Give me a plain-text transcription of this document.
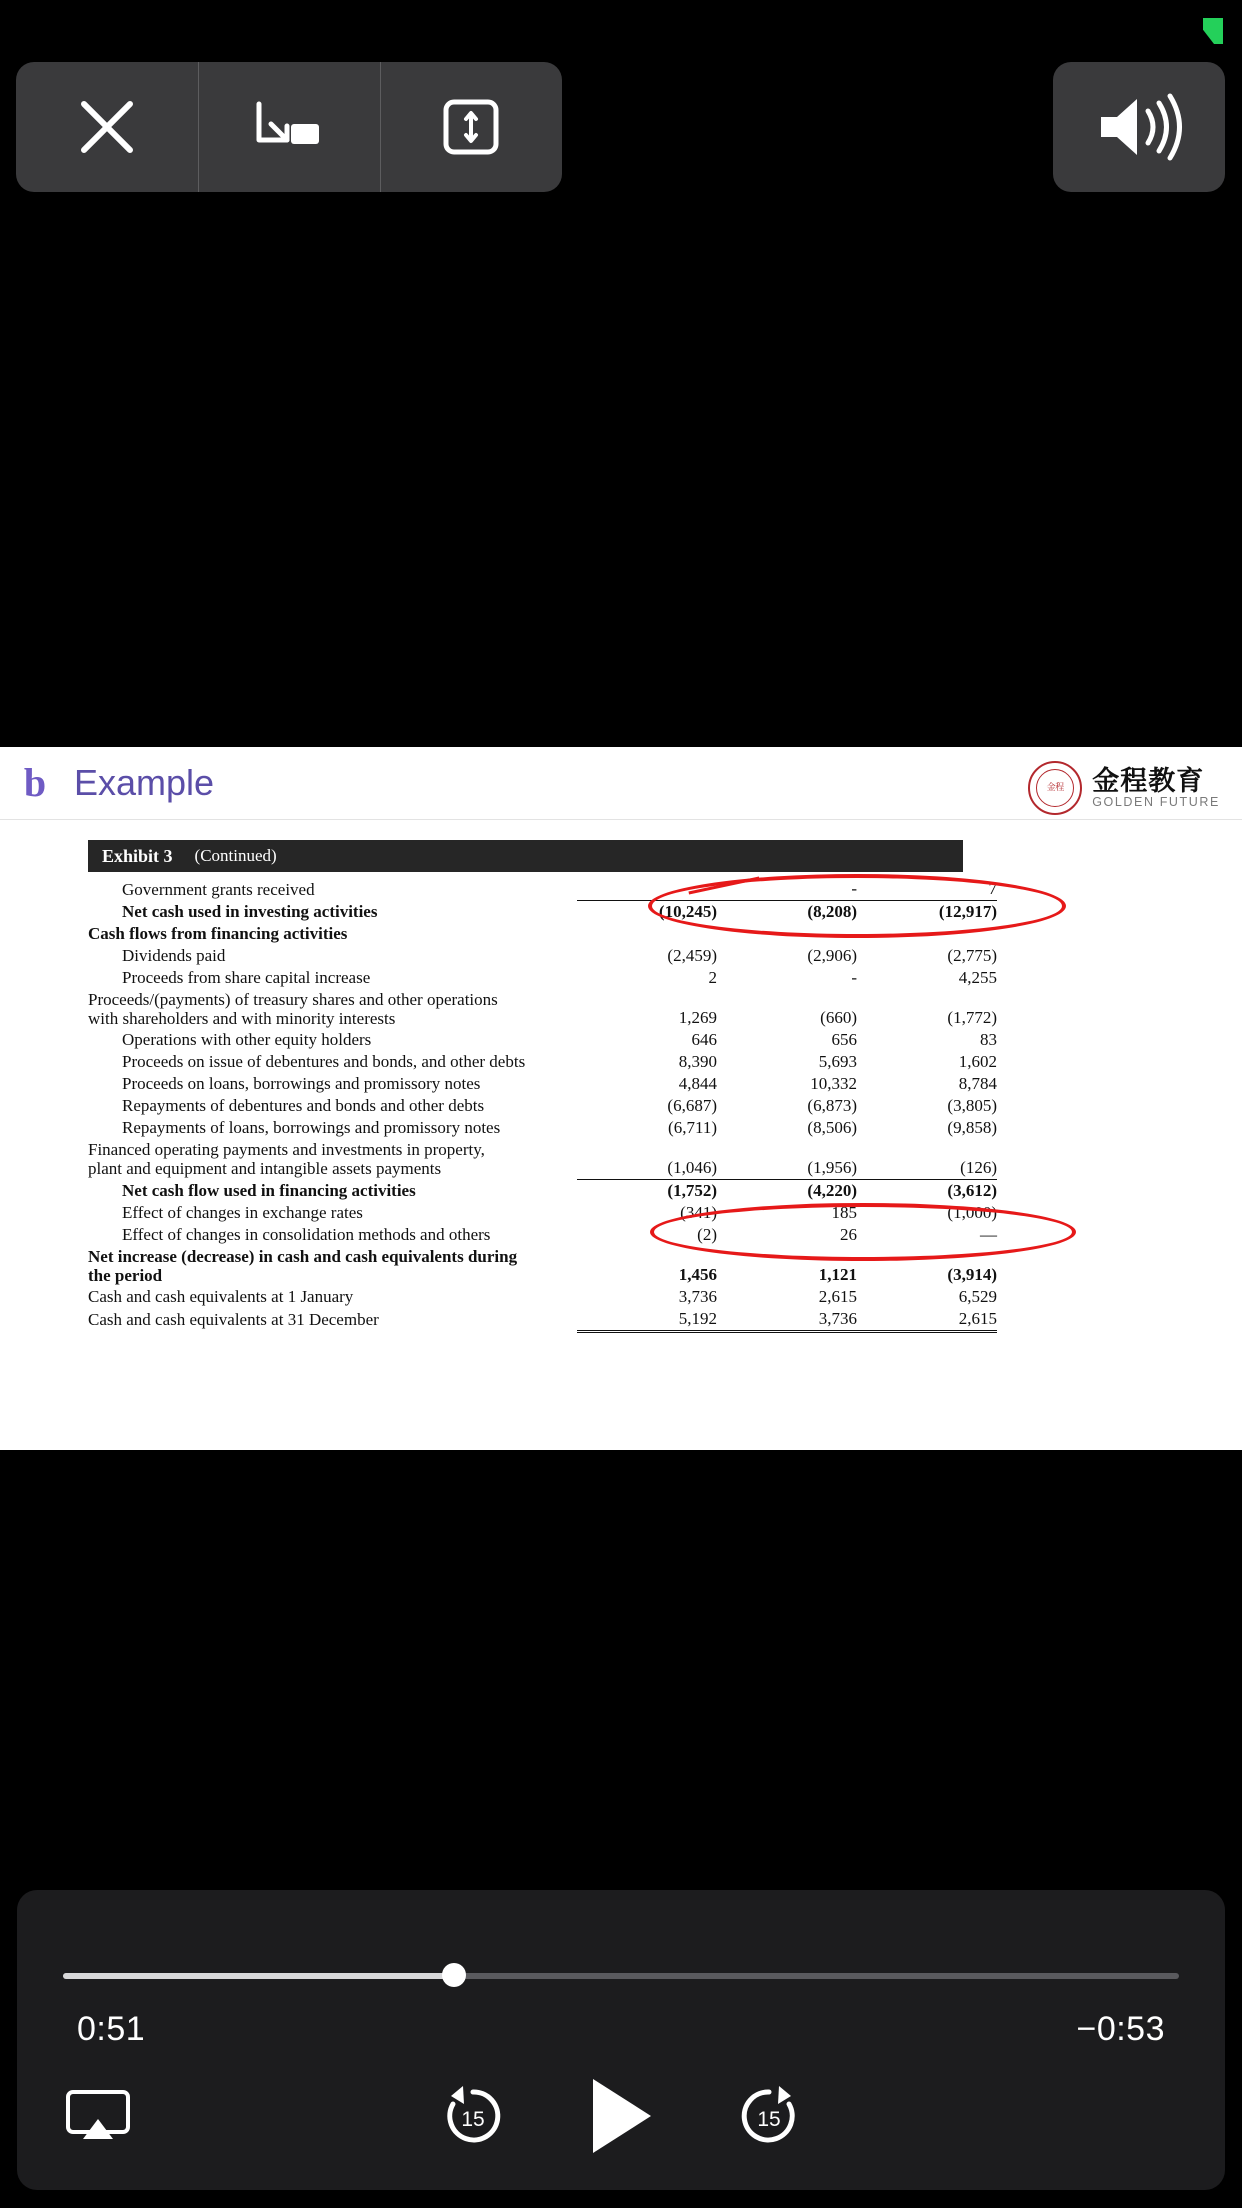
b Example	金程	金程教育
GOLDEN FUTURE
Exhibit 3 (Continued)
Government grants received		-	7
Net cash used in investing activities	(10,245)	(8,208)	(12,917)
Cash flows from financing activities			
Dividends paid	(2,459)	(2,906)	(2,775)
Proceeds from share capital increase	2	-	4,255

Proceeds/(payments) of treasury shares and other operations
with shareholders and with minority interests	1,269	(660)	(1,772)
Operations with other equity holders	646	656	83
Proceeds on issue of debentures and bonds, and other debts	8,390	5,693	1,602
Proceeds on loans, borrowings and promissory notes	4,844	10,332	8,784
Repayments of debentures and bonds and other debts	(6,687)	(6,873)	(3,805)
Repayments of loans, borrowings and promissory notes	(6,711)	(8,506)	(9,858)

Financed operating payments and investments in property,
plant and equipment and intangible assets payments	(1,046)	(1,956)	(126)
Net cash flow used in financing activities	(1,752)	(4,220)	(3,612)
Effect of changes in exchange rates	(341)	185	(1,000)
Effect of changes in consolidation methods and others	(2)	26	—

Net increase (decrease) in cash and cash equivalents during
the period	1,456	1,121	(3,914)
Cash and cash equivalents at 1 January	3,736	2,615	6,529
Cash and cash equivalents at 31 December	5,192	3,736	2,615
0:51	−0:53
15	15
